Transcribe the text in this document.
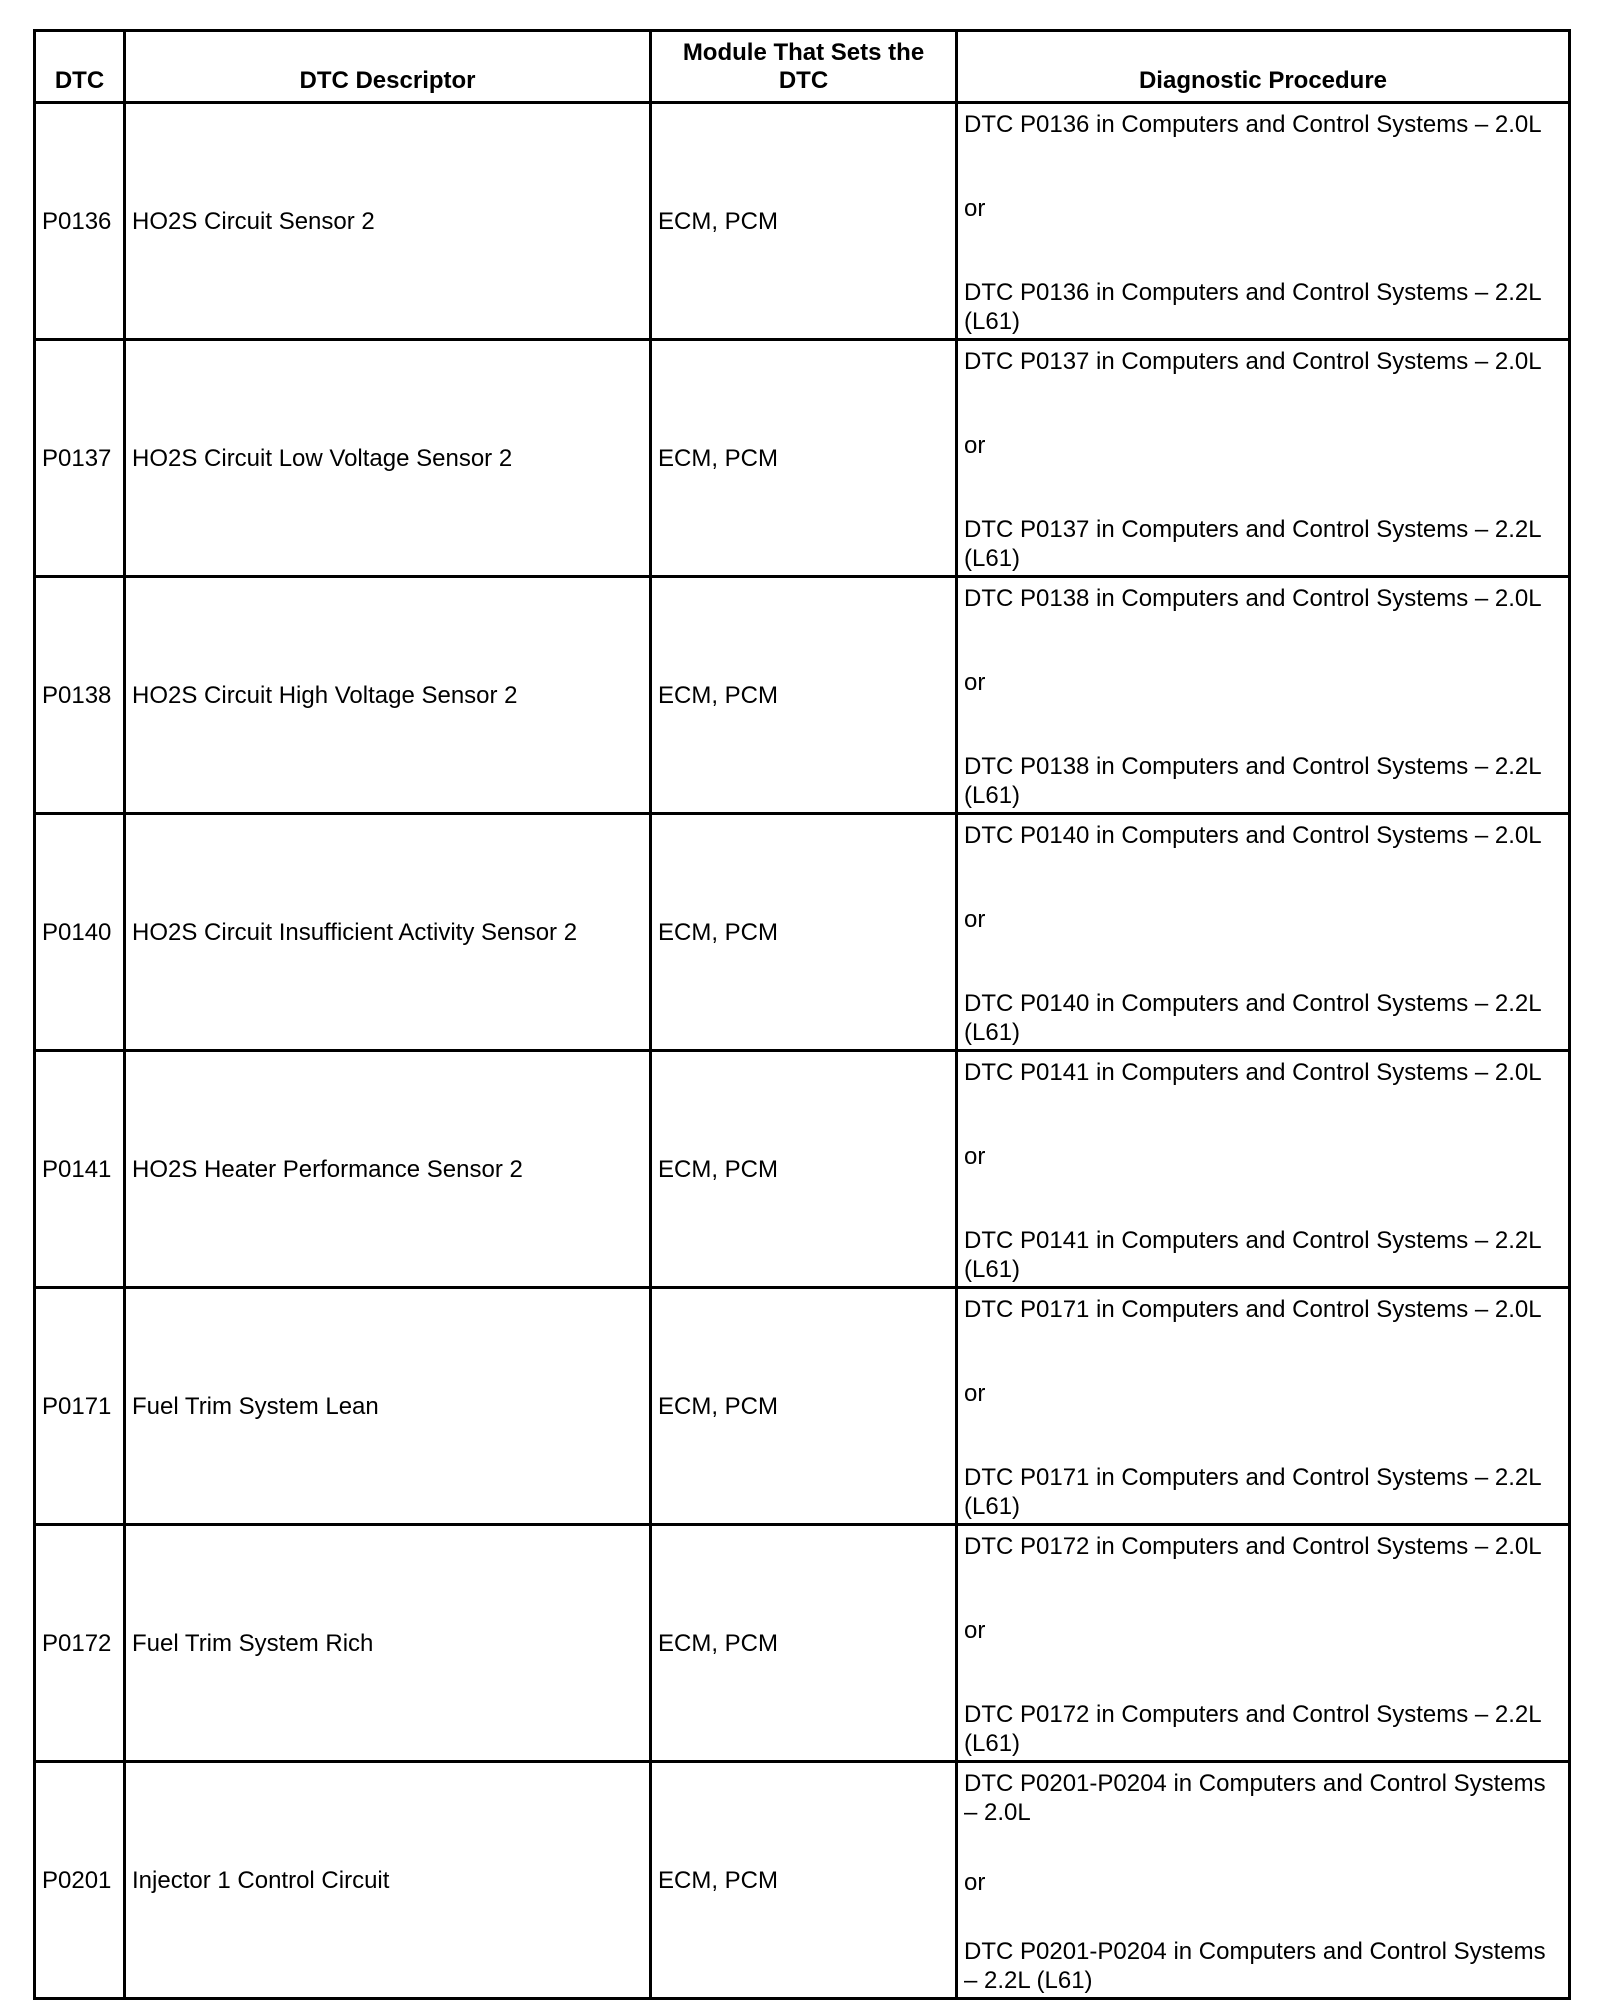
DTC	DTC Descriptor	Module That Sets the DTC	Diagnostic Procedure
P0136	HO2S Circuit Sensor 2	ECM, PCM	DTC P0136 in Computers and Control Systems – 2.0L
or
DTC P0136 in Computers and Control Systems – 2.2L (L61)

P0137	HO2S Circuit Low Voltage Sensor 2	ECM, PCM	DTC P0137 in Computers and Control Systems – 2.0L
or
DTC P0137 in Computers and Control Systems – 2.2L (L61)

P0138	HO2S Circuit High Voltage Sensor 2	ECM, PCM	DTC P0138 in Computers and Control Systems – 2.0L
or
DTC P0138 in Computers and Control Systems – 2.2L (L61)

P0140	HO2S Circuit Insufficient Activity Sensor 2	ECM, PCM	DTC P0140 in Computers and Control Systems – 2.0L
or
DTC P0140 in Computers and Control Systems – 2.2L (L61)

P0141	HO2S Heater Performance Sensor 2	ECM, PCM	DTC P0141 in Computers and Control Systems – 2.0L
or
DTC P0141 in Computers and Control Systems – 2.2L (L61)

P0171	Fuel Trim System Lean	ECM, PCM	DTC P0171 in Computers and Control Systems – 2.0L
or
DTC P0171 in Computers and Control Systems – 2.2L (L61)

P0172	Fuel Trim System Rich	ECM, PCM	DTC P0172 in Computers and Control Systems – 2.0L
or
DTC P0172 in Computers and Control Systems – 2.2L (L61)

P0201	Injector 1 Control Circuit	ECM, PCM	DTC P0201-P0204 in Computers and Control Systems – 2.0L
or
DTC P0201-P0204 in Computers and Control Systems – 2.2L (L61)
